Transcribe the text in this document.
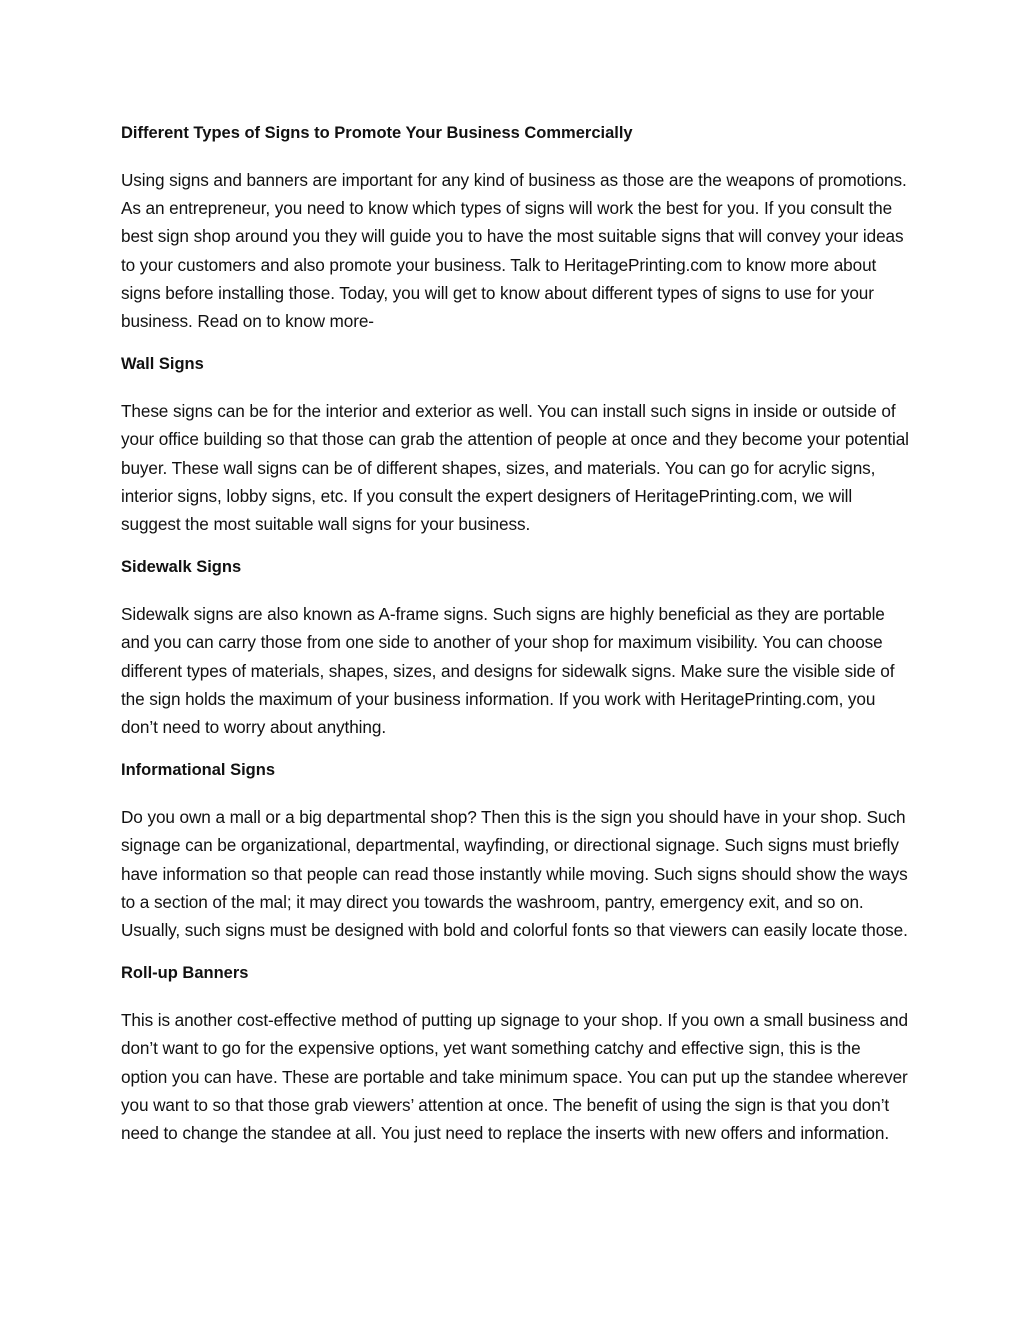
Different Types of Signs to Promote Your Business Commercially

Using signs and banners are important for any kind of business as those are the weapons of promotions. As an entrepreneur, you need to know which types of signs will work the best for you. If you consult the best sign shop around you they will guide you to have the most suitable signs that will convey your ideas to your customers and also promote your business. Talk to HeritagePrinting.com to know more about signs before installing those. Today, you will get to know about different types of signs to use for your business. Read on to know more-

Wall Signs

These signs can be for the interior and exterior as well. You can install such signs in inside or outside of your office building so that those can grab the attention of people at once and they become your potential buyer. These wall signs can be of different shapes, sizes, and materials. You can go for acrylic signs, interior signs, lobby signs, etc. If you consult the expert designers of HeritagePrinting.com, we will suggest the most suitable wall signs for your business.

Sidewalk Signs

Sidewalk signs are also known as A-frame signs. Such signs are highly beneficial as they are portable and you can carry those from one side to another of your shop for maximum visibility. You can choose different types of materials, shapes, sizes, and designs for sidewalk signs. Make sure the visible side of the sign holds the maximum of your business information. If you work with HeritagePrinting.com, you don’t need to worry about anything.

Informational Signs

Do you own a mall or a big departmental shop? Then this is the sign you should have in your shop. Such signage can be organizational, departmental, wayfinding, or directional signage. Such signs must briefly have information so that people can read those instantly while moving. Such signs should show the ways to a section of the mal; it may direct you towards the washroom, pantry, emergency exit, and so on. Usually, such signs must be designed with bold and colorful fonts so that viewers can easily locate those.

Roll-up Banners

This is another cost-effective method of putting up signage to your shop. If you own a small business and don’t want to go for the expensive options, yet want something catchy and effective sign, this is the option you can have. These are portable and take minimum space. You can put up the standee wherever you want to so that those grab viewers’ attention at once. The benefit of using the sign is that you don’t need to change the standee at all. You just need to replace the inserts with new offers and information.
